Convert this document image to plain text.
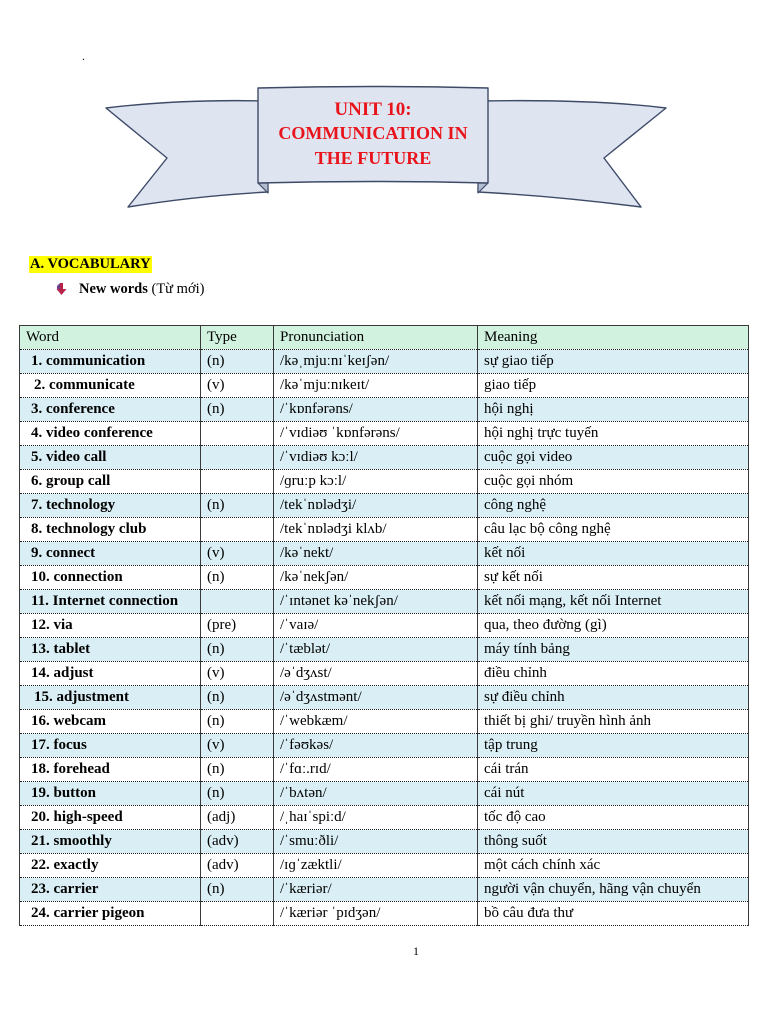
.
UNIT 10:
COMMUNICATION IN
THE FUTURE
A. VOCABULARY
New words (Từ mới)
Word	Type	Pronunciation	Meaning
1. communication	(n)	/kəˌmjuːnɪˈkeɪʃən/	sự giao tiếp
2. communicate	(v)	/kəˈmjuːnɪkeɪt/	giao tiếp
3. conference	(n)	/ˈkɒnfərəns/	hội nghị
4. video conference		/ˈvɪdiəʊ ˈkɒnfərəns/	hội nghị trực tuyến
5. video call		/ˈvɪdiəʊ kɔːl/	cuộc gọi video
6. group call		/ɡruːp kɔːl/	cuộc gọi nhóm
7. technology	(n)	/tekˈnɒlədʒi/	công nghệ
8. technology club		/tekˈnɒlədʒi klʌb/	câu lạc bộ công nghệ
9. connect	(v)	/kəˈnekt/	kết nối
10. connection	(n)	/kəˈnekʃən/	sự kết nối
11. Internet connection		/ˈɪntənet kəˈnekʃən/	kết nối mạng, kết nối Internet
12. via	(pre)	/ˈvaɪə/	qua, theo đường (gì)
13. tablet	(n)	/ˈtæblət/	máy tính bảng
14. adjust	(v)	/əˈdʒʌst/	điều chỉnh
15. adjustment	(n)	/əˈdʒʌstmənt/	sự điều chỉnh
16. webcam	(n)	/ˈwebkæm/	thiết bị ghi/ truyền hình ảnh
17. focus	(v)	/ˈfəʊkəs/	tập trung
18. forehead	(n)	/ˈfɑː.rɪd/	cái trán
19. button	(n)	/ˈbʌtən/	cái nút
20. high-speed	(adj)	/ˌhaɪˈspiːd/	tốc độ cao
21. smoothly	(adv)	/ˈsmuːðli/	thông suốt
22. exactly	(adv)	/ɪɡˈzæktli/	một cách chính xác
23. carrier	(n)	/ˈkæriər/	người vận chuyển, hãng vận chuyển
24. carrier pigeon		/ˈkæriər ˈpɪdʒən/	bồ câu đưa thư
1
